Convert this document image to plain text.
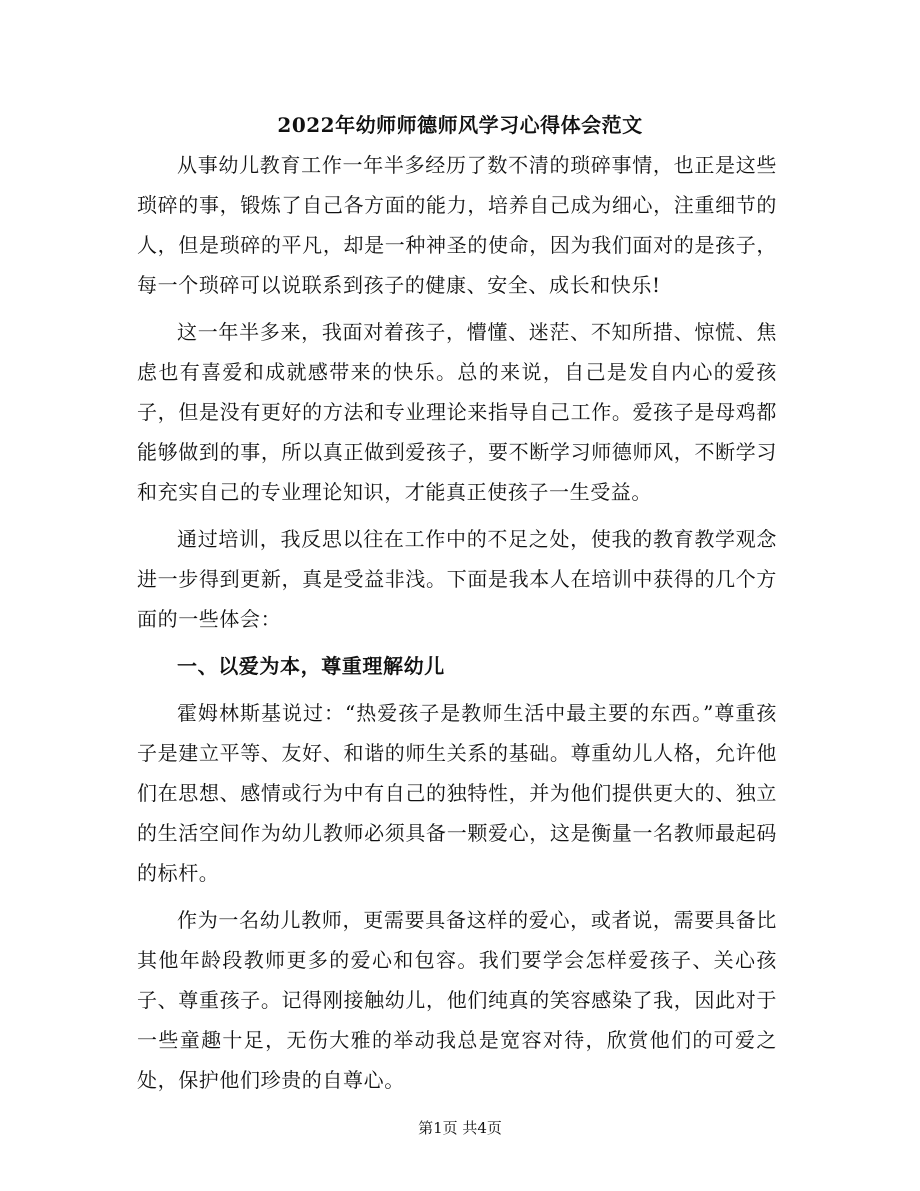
2022年幼师师德师风学习心得体会范文

从事幼儿教育工作一年半多经历了数不清的琐碎事情，也正是这些琐碎的事，锻炼了自己各方面的能力，培养自己成为细心，注重细节的人，但是琐碎的平凡，却是一种神圣的使命，因为我们面对的是孩子，每一个琐碎可以说联系到孩子的健康、安全、成长和快乐!

这一年半多来，我面对着孩子，懵懂、迷茫、不知所措、惊慌、焦虑也有喜爱和成就感带来的快乐。总的来说，自己是发自内心的爱孩子，但是没有更好的方法和专业理论来指导自己工作。爱孩子是母鸡都能够做到的事，所以真正做到爱孩子，要不断学习师德师风，不断学习和充实自己的专业理论知识，才能真正使孩子一生受益。

通过培训，我反思以往在工作中的不足之处，使我的教育教学观念进一步得到更新，真是受益非浅。下面是我本人在培训中获得的几个方面的一些体会：

一、以爱为本，尊重理解幼儿

霍姆林斯基说过：“热爱孩子是教师生活中最主要的东西。”尊重孩子是建立平等、友好、和谐的师生关系的基础。尊重幼儿人格，允许他们在思想、感情或行为中有自己的独特性，并为他们提供更大的、独立的生活空间作为幼儿教师必须具备一颗爱心，这是衡量一名教师最起码的标杆。

作为一名幼儿教师，更需要具备这样的爱心，或者说，需要具备比其他年龄段教师更多的爱心和包容。我们要学会怎样爱孩子、关心孩子、尊重孩子。记得刚接触幼儿，他们纯真的笑容感染了我，因此对于一些童趣十足，无伤大雅的举动我总是宽容对待，欣赏他们的可爱之处，保护他们珍贵的自尊心。

第1页 共4页
